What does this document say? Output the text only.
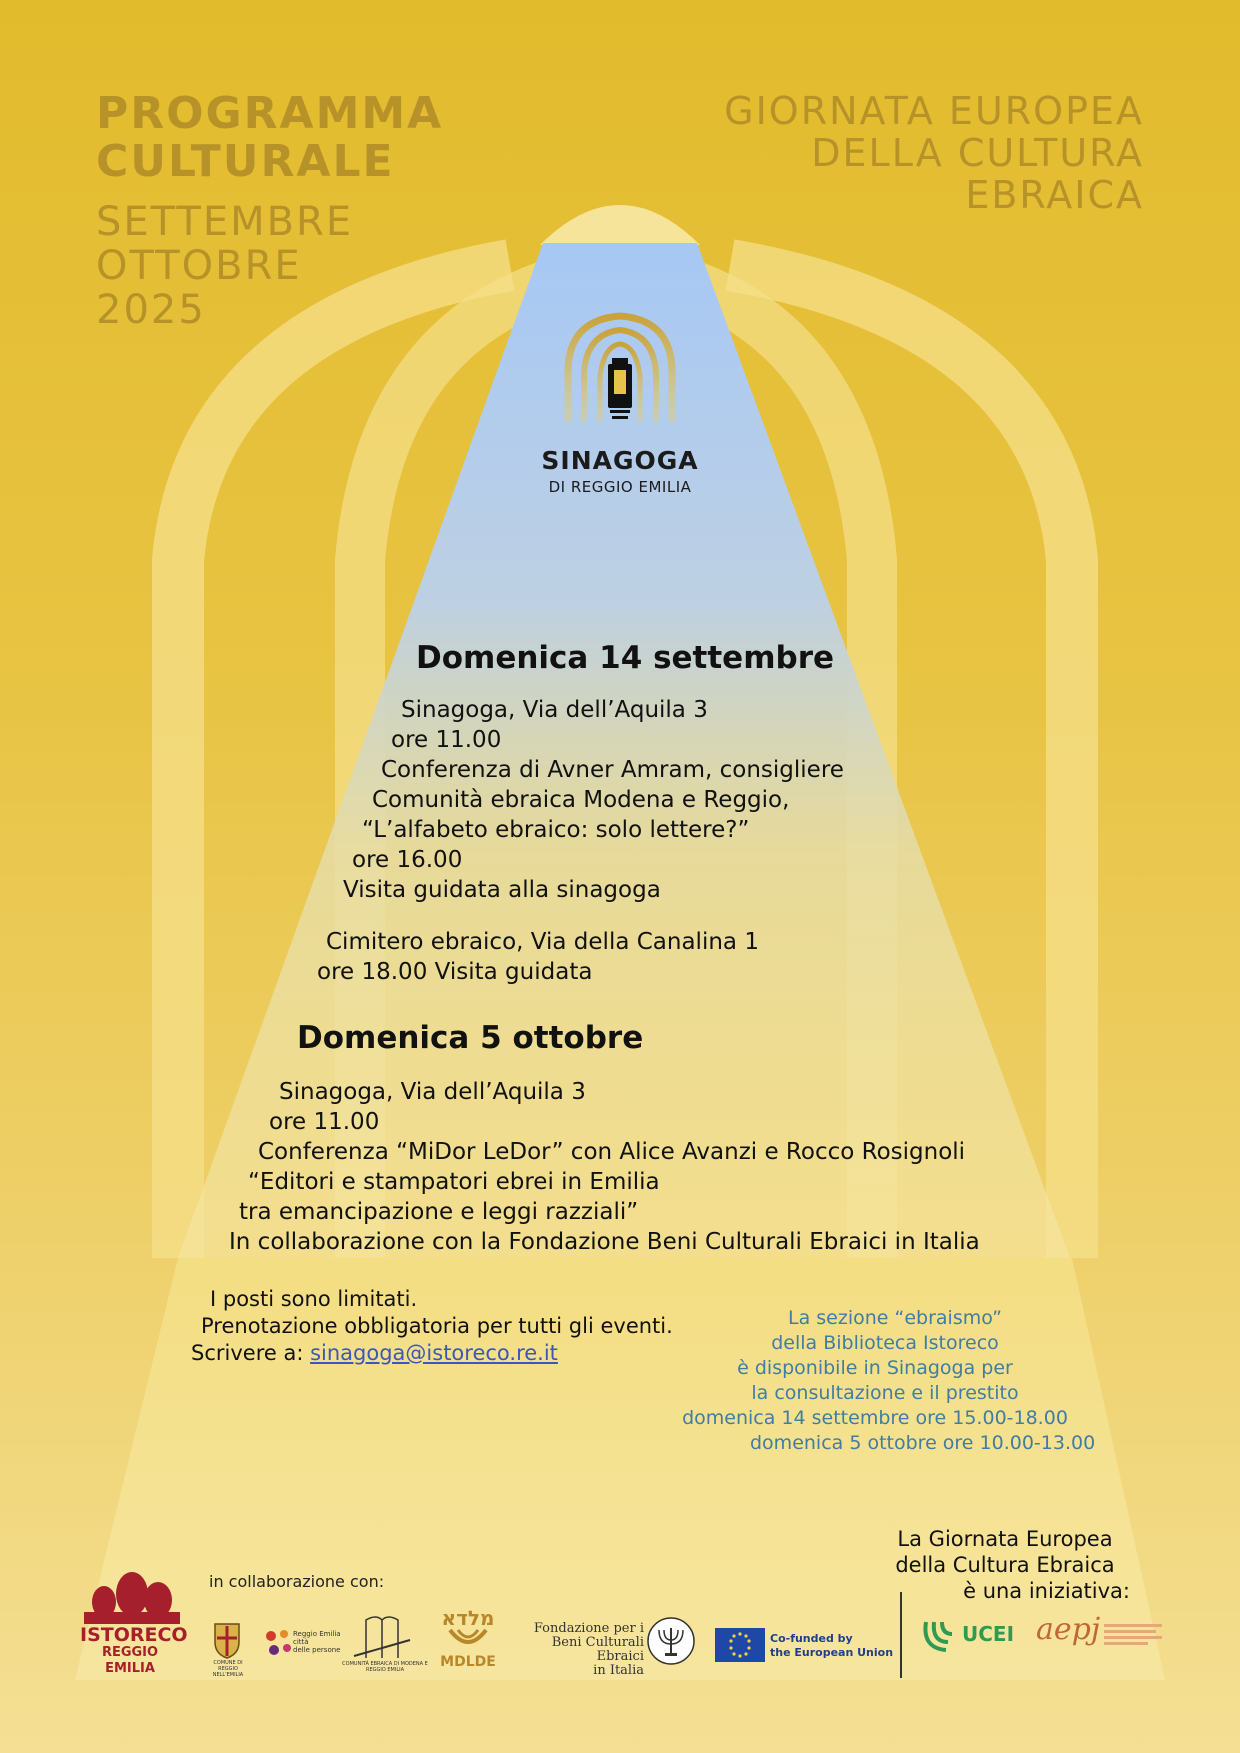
PROGRAMMA
CULTURALE
SETTEMBRE
OTTOBRE
2025
GIORNATA EUROPEA
DELLA CULTURA
EBRAICA
SINAGOGA
DI REGGIO EMILIA
Domenica 14 settembre
Sinagoga, Via dell’Aquila 3
ore 11.00
Conferenza di Avner Amram, consigliere
Comunità ebraica Modena e Reggio,
“L’alfabeto ebraico: solo lettere?”
ore 16.00
Visita guidata alla sinagoga
Cimitero ebraico, Via della Canalina 1
ore 18.00 Visita guidata
Domenica 5 ottobre
Sinagoga, Via dell’Aquila 3
ore 11.00
Conferenza “MiDor LeDor” con Alice Avanzi e Rocco Rosignoli
“Editori e stampatori ebrei in Emilia
tra emancipazione e leggi razziali”
In collaborazione con la Fondazione Beni Culturali Ebraici in Italia
I posti sono limitati.
Prenotazione obbligatoria per tutti gli eventi.
Scrivere a: sinagoga@istoreco.re.it
La sezione “ebraismo”
della Biblioteca Istoreco
è disponibile in Sinagoga per
la consultazione e il prestito
domenica 14 settembre ore 15.00-18.00
domenica 5 ottobre ore 10.00-13.00
La Giornata Europea
della Cultura Ebraica
è una iniziativa:
in collaborazione con:
ISTORECO
REGGIO EMILIA	COMUNE DI REGGIO NELL'EMILIA
Reggio Emilia
città
delle persone
COMUNITÀ EBRAICA DI MODENA E REGGIO EMILIA
מלדא
MDLDE
Fondazione per i
Beni Culturali Ebraici
in Italia
Co-funded by
the European Union
UCEI aepj
